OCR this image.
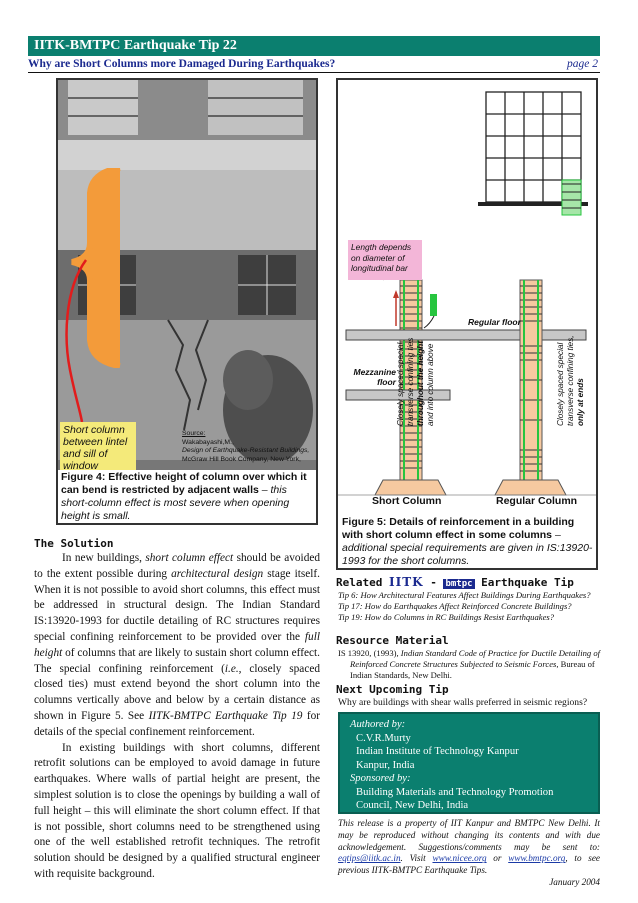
IITK-BMTPC Earthquake Tip 22
Why are Short Columns more Damaged During Earthquakes?	page 2
Short column between lintel and sill of window
Source:
Wakabayashi,M.,
Design of Earthquake-Resistant Buildings,
McGraw Hill Book Company, New York,
Figure 4: Effective height of column over which it can bend is restricted by adjacent walls – this short-column effect is most severe when opening height is small.
Length depends on diameter of longitudinal bar
Regular floor
Mezzanine floor Closely spaced special transverse confining ties throughout the height and into column above	Closely spaced special transverse confining ties, only at ends
Short Column	Regular Column
Figure 5: Details of reinforcement in a building with short column effect in some columns – additional special requirements are given in IS:13920-1993 for the short columns.
The Solution

In new buildings, short column effect should be avoided to the extent possible during architectural design stage itself. When it is not possible to avoid short columns, this effect must be addressed in structural design. The Indian Standard IS:13920-1993 for ductile detailing of RC structures requires special confining reinforcement to be provided over the full height of columns that are likely to sustain short column effect. The special confining reinforcement (i.e., closely spaced closed ties) must extend beyond the short column into the columns vertically above and below by a certain distance as shown in Figure 5. See IITK-BMTPC Earthquake Tip 19 for details of the special confinement reinforcement.

In existing buildings with short columns, different retrofit solutions can be employed to avoid damage in future earthquakes. Where walls of partial height are present, the simplest solution is to close the openings by building a wall of full height – this will eliminate the short column effect. If that is not possible, short columns need to be strengthened using one of the well established retrofit techniques. The retrofit solution should be designed by a qualified structural engineer with requisite background.

Related IITK - bmtpc Earthquake Tip
Tip 6: How Architectural Features Affect Buildings During Earthquakes?
Tip 17: How do Earthquakes Affect Reinforced Concrete Buildings?
Tip 19: How do Columns in RC Buildings Resist Earthquakes?
Resource Material
IS 13920, (1993), Indian Standard Code of Practice for Ductile Detailing of Reinforced Concrete Structures Subjected to Seismic Forces, Bureau of Indian Standards, New Delhi.
Next Upcoming Tip
Why are buildings with shear walls preferred in seismic regions?
Authored by:
C.V.R.Murty
Indian Institute of Technology Kanpur
Kanpur, India
Sponsored by:
Building Materials and Technology Promotion
Council, New Delhi, India
This release is a property of IIT Kanpur and BMTPC New Delhi. It may be reproduced without changing its contents and with due acknowledgement. Suggestions/comments may be sent to: eqtips@iitk.ac.in. Visit www.nicee.org or www.bmtpc.org, to see previous IITK-BMTPC Earthquake Tips.
January 2004
